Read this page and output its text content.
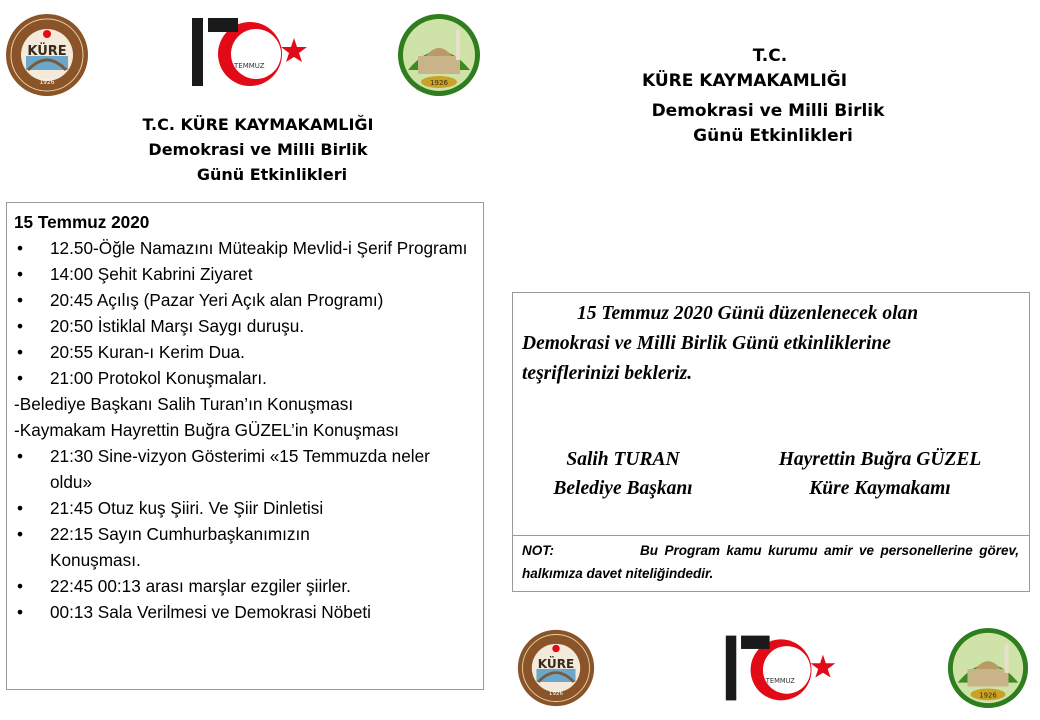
KÜRE
1926
TEMMUZ
1926
KÜRE
1926
TEMMUZ
1926
T.C. KÜRE KAYMAKAMLIĞI
Demokrasi ve Milli Birlik
Günü Etkinlikleri
T.C.
KÜRE KAYMAKAMLIĞI
Demokrasi ve Milli Birlik
Günü Etkinlikleri
15 Temmuz 2020
• 12.50-Öğle Namazını Müteakip Mevlid-i Şerif Programı
• 14:00 Şehit Kabrini Ziyaret
• 20:45 Açılış (Pazar Yeri Açık alan Programı)
• 20:50 İstiklal Marşı Saygı duruşu.
• 20:55 Kuran-ı Kerim Dua.
• 21:00 Protokol Konuşmaları.
-Belediye Başkanı Salih Turan’ın Konuşması
-Kaymakam Hayrettin Buğra GÜZEL’in Konuşması
• 21:30 Sine-vizyon Gösterimi «15 Temmuzda neler oldu»
• 21:45 Otuz kuş Şiiri. Ve Şiir Dinletisi
• 22:15 Sayın Cumhurbaşkanımızın Konuşması.
• 22:45 00:13 arası marşlar ezgiler şiirler.
• 00:13 Sala Verilmesi ve Demokrasi Nöbeti
15 Temmuz 2020 Günü düzenlenecek olan
Demokrasi ve Milli Birlik Günü etkinliklerine
teşriflerinizi bekleriz.
Salih TURAN
Belediye Başkanı
Hayrettin Buğra GÜZEL
Küre Kaymakamı
NOT:	Bu Program kamu kurumu amir ve personellerine görev, halkımıza davet niteliğindedir.
